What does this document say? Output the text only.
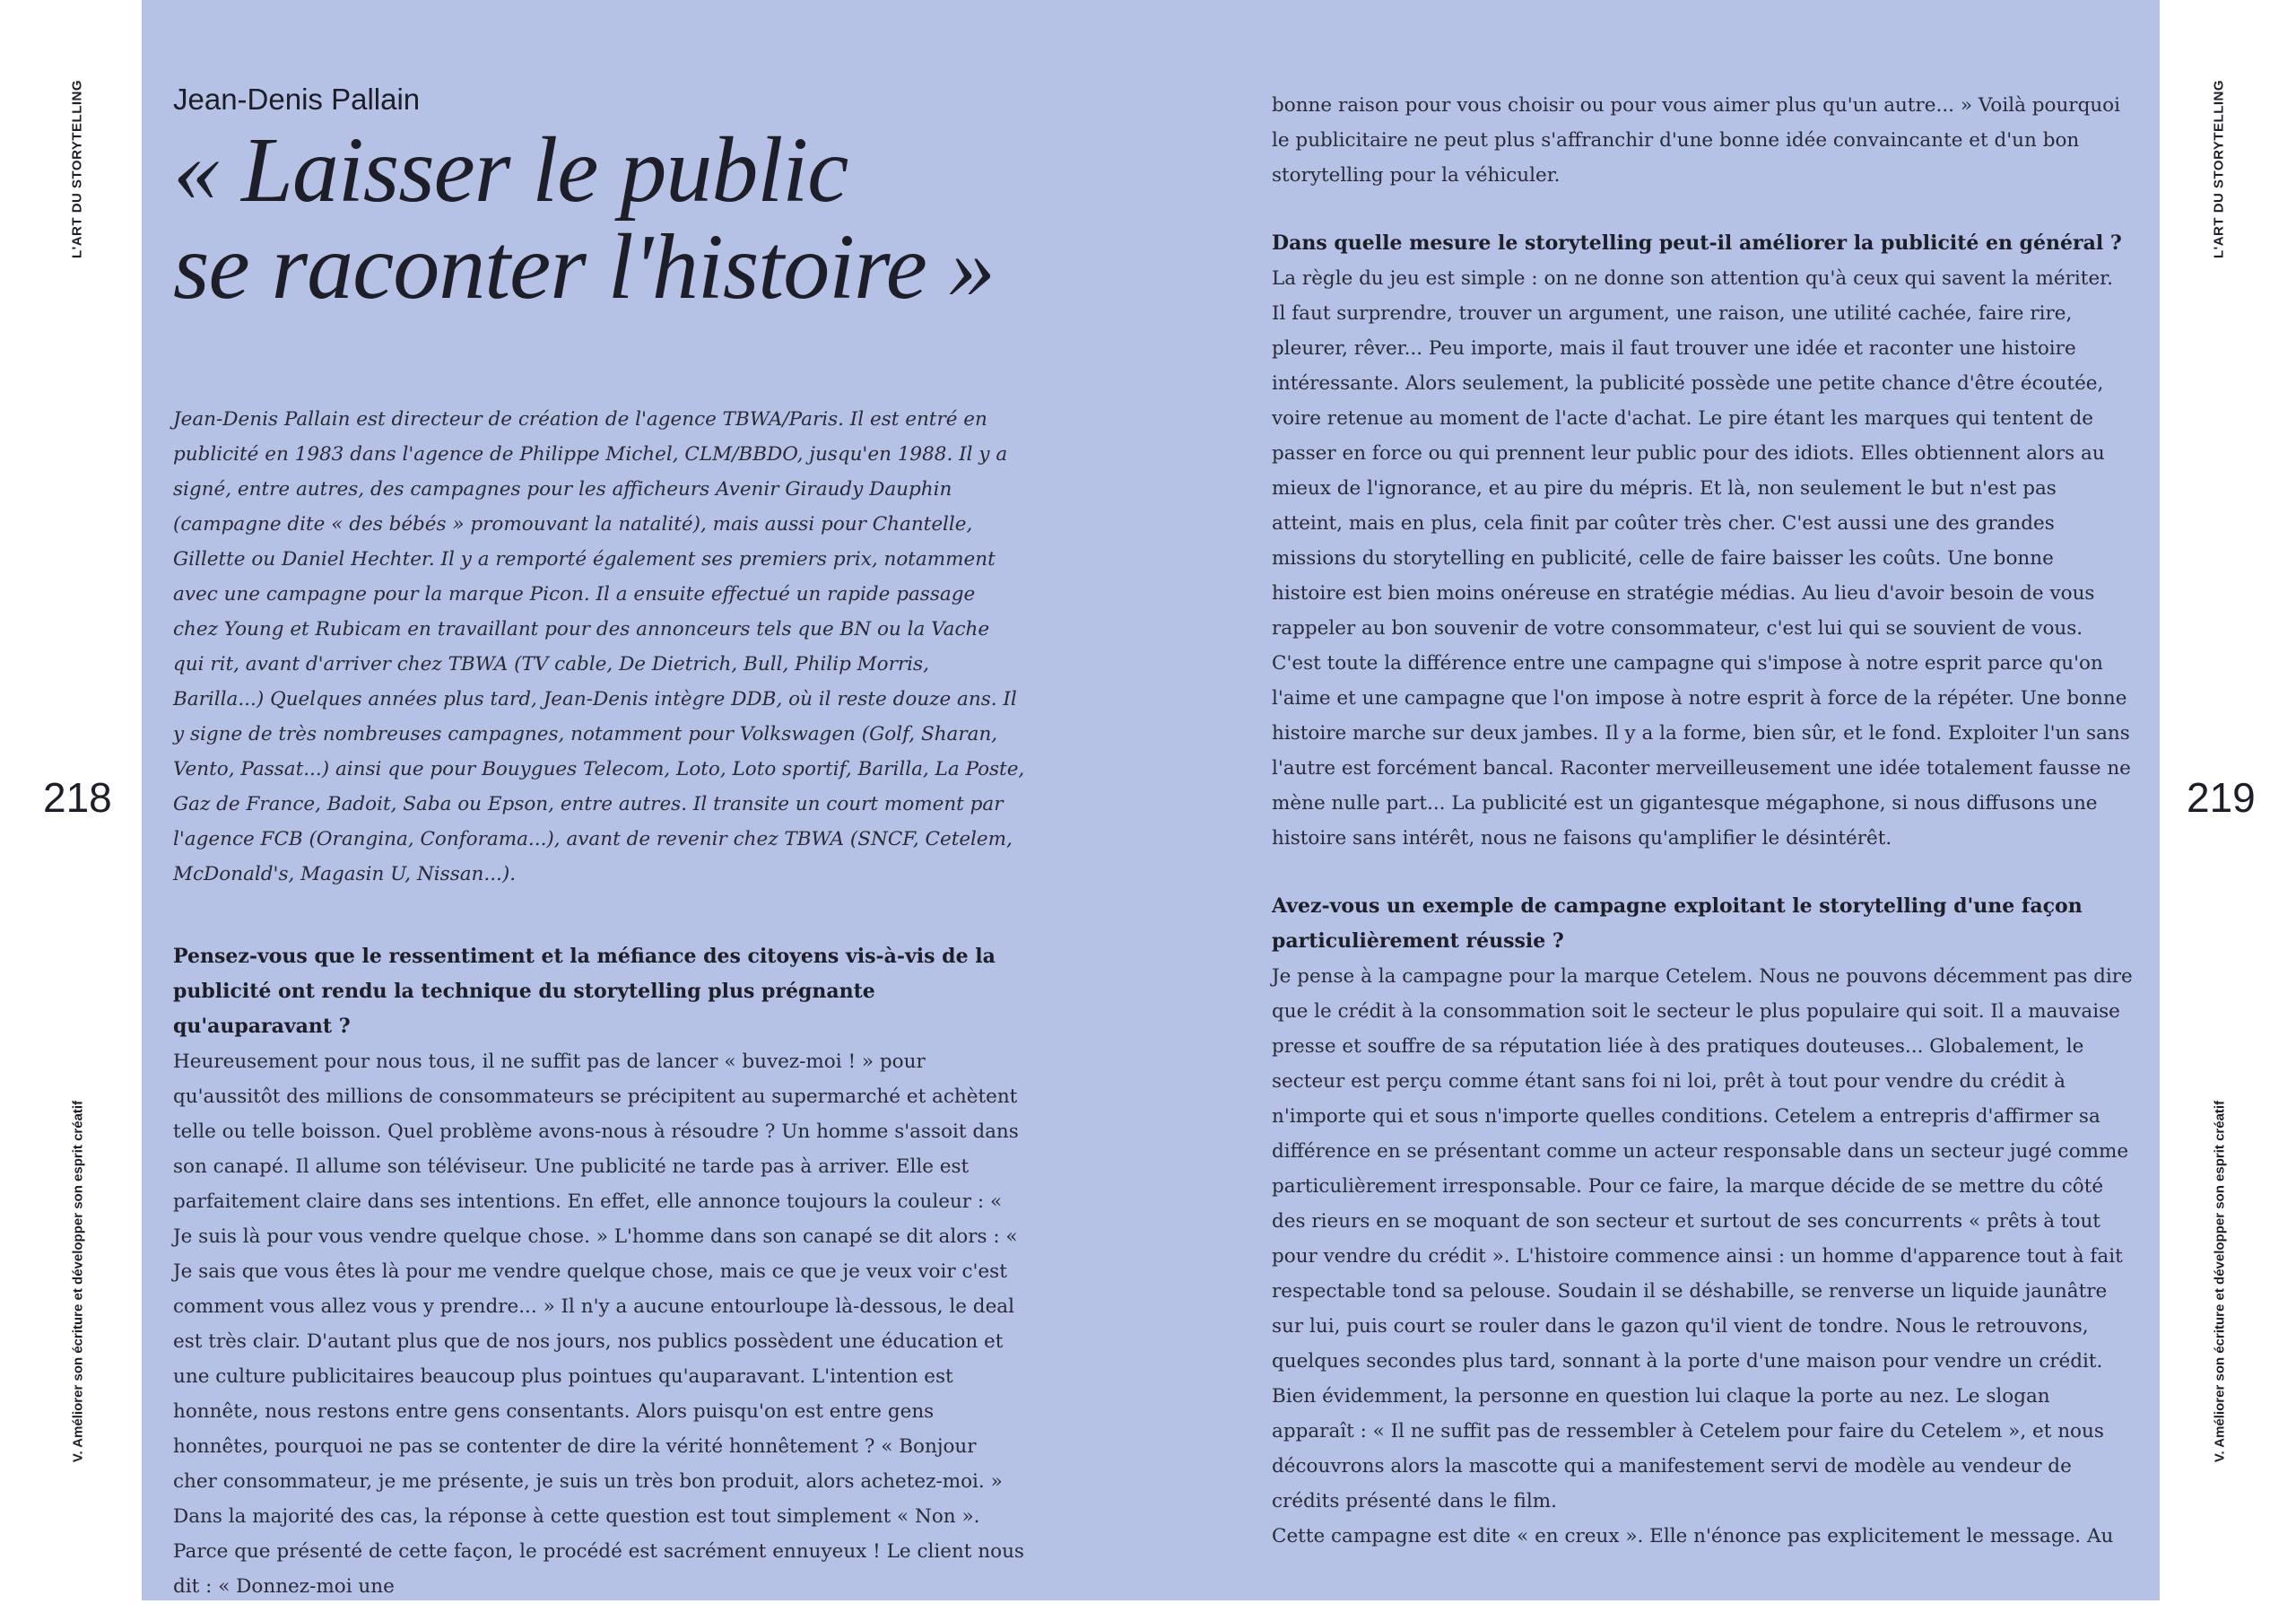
L'ART DU STORYTELLING
V. Améliorer son écriture et développer son esprit créatif
L'ART DU STORYTELLING
V. Améliorer son écriture et développer son esprit créatif
218	219
Jean-Denis Pallain
« Laisser le public
se raconter l'histoire »

Jean-Denis Pallain est directeur de création de l'agence TBWA/Paris. Il est entré en publicité en 1983 dans l'agence de Philippe Michel, CLM/BBDO, jusqu'en 1988. Il y a signé, entre autres, des campagnes pour les afficheurs Avenir Giraudy Dauphin (campagne dite « des bébés » promouvant la natalité), mais aussi pour Chantelle, Gillette ou Daniel Hechter. Il y a remporté également ses premiers prix, notamment avec une campagne pour la marque Picon. Il a ensuite effectué un rapide passage chez Young et Rubicam en travaillant pour des annonceurs tels que BN ou la Vache qui rit, avant d'arriver chez TBWA (TV cable, De Dietrich, Bull, Philip Morris, Barilla...) Quelques années plus tard, Jean-Denis intègre DDB, où il reste douze ans. Il y signe de très nombreuses campagnes, notamment pour Volkswagen (Golf, Sharan, Vento, Passat...) ainsi que pour Bouygues Telecom, Loto, Loto sportif, Barilla, La Poste, Gaz de France, Badoit, Saba ou Epson, entre autres. Il transite un court moment par l'agence FCB (Orangina, Conforama...), avant de revenir chez TBWA (SNCF, Cetelem, McDonald's, Magasin U, Nissan...).

Pensez-vous que le ressentiment et la méfiance des citoyens vis-à-vis de la publicité ont rendu la technique du storytelling plus prégnante qu'auparavant ?

Heureusement pour nous tous, il ne suffit pas de lancer « buvez-moi ! » pour qu'aussitôt des millions de consommateurs se précipitent au supermarché et achètent telle ou telle boisson. Quel problème avons-nous à résoudre ? Un homme s'assoit dans son canapé. Il allume son téléviseur. Une publicité ne tarde pas à arriver. Elle est parfaitement claire dans ses intentions. En effet, elle annonce toujours la couleur : « Je suis là pour vous vendre quelque chose. » L'homme dans son canapé se dit alors : « Je sais que vous êtes là pour me vendre quelque chose, mais ce que je veux voir c'est comment vous allez vous y prendre... » Il n'y a aucune entourloupe là-dessous, le deal est très clair. D'autant plus que de nos jours, nos publics possèdent une éducation et une culture publicitaires beaucoup plus pointues qu'auparavant. L'intention est honnête, nous restons entre gens consentants. Alors puisqu'on est entre gens honnêtes, pourquoi ne pas se contenter de dire la vérité honnêtement ? « Bonjour cher consommateur, je me présente, je suis un très bon produit, alors achetez-moi. » Dans la majorité des cas, la réponse à cette question est tout simplement « Non ». Parce que présenté de cette façon, le procédé est sacrément ennuyeux ! Le client nous dit : « Donnez-moi une

bonne raison pour vous choisir ou pour vous aimer plus qu'un autre... » Voilà pourquoi le publicitaire ne peut plus s'affranchir d'une bonne idée convaincante et d'un bon storytelling pour la véhiculer.

Dans quelle mesure le storytelling peut-il améliorer la publicité en général ?

La règle du jeu est simple : on ne donne son attention qu'à ceux qui savent la mériter. Il faut surprendre, trouver un argument, une raison, une utilité cachée, faire rire, pleurer, rêver... Peu importe, mais il faut trouver une idée et raconter une histoire intéressante. Alors seulement, la publicité possède une petite chance d'être écoutée, voire retenue au moment de l'acte d'achat. Le pire étant les marques qui tentent de passer en force ou qui prennent leur public pour des idiots. Elles obtiennent alors au mieux de l'ignorance, et au pire du mépris. Et là, non seulement le but n'est pas atteint, mais en plus, cela finit par coûter très cher. C'est aussi une des grandes missions du storytelling en publicité, celle de faire baisser les coûts. Une bonne histoire est bien moins onéreuse en stratégie médias. Au lieu d'avoir besoin de vous rappeler au bon souvenir de votre consommateur, c'est lui qui se souvient de vous. C'est toute la différence entre une campagne qui s'impose à notre esprit parce qu'on l'aime et une campagne que l'on impose à notre esprit à force de la répéter. Une bonne histoire marche sur deux jambes. Il y a la forme, bien sûr, et le fond. Exploiter l'un sans l'autre est forcément bancal. Raconter merveilleusement une idée totalement fausse ne mène nulle part... La publicité est un gigantesque mégaphone, si nous diffusons une histoire sans intérêt, nous ne faisons qu'amplifier le désintérêt.

Avez-vous un exemple de campagne exploitant le storytelling d'une façon particulièrement réussie ?

Je pense à la campagne pour la marque Cetelem. Nous ne pouvons décemment pas dire que le crédit à la consommation soit le secteur le plus populaire qui soit. Il a mauvaise presse et souffre de sa réputation liée à des pratiques douteuses... Globalement, le secteur est perçu comme étant sans foi ni loi, prêt à tout pour vendre du crédit à n'importe qui et sous n'importe quelles conditions. Cetelem a entrepris d'affirmer sa différence en se présentant comme un acteur responsable dans un secteur jugé comme particulièrement irresponsable. Pour ce faire, la marque décide de se mettre du côté des rieurs en se moquant de son secteur et surtout de ses concurrents « prêts à tout pour vendre du crédit ». L'histoire commence ainsi : un homme d'apparence tout à fait respectable tond sa pelouse. Soudain il se déshabille, se renverse un liquide jaunâtre sur lui, puis court se rouler dans le gazon qu'il vient de tondre. Nous le retrouvons, quelques secondes plus tard, sonnant à la porte d'une maison pour vendre un crédit. Bien évidemment, la personne en question lui claque la porte au nez. Le slogan apparaît : « Il ne suffit pas de ressembler à Cetelem pour faire du Cetelem », et nous découvrons alors la mascotte qui a manifestement servi de modèle au vendeur de crédits présenté dans le film.

Cette campagne est dite « en creux ». Elle n'énonce pas explicitement le message. Au
